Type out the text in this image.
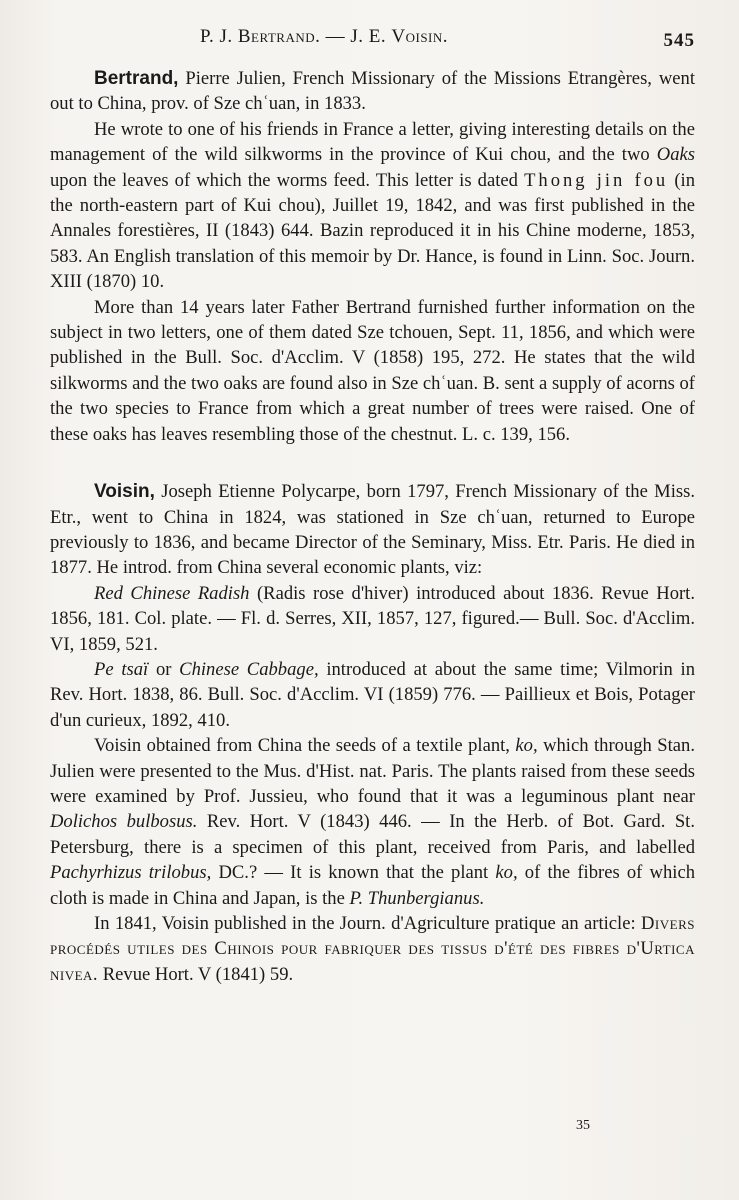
P. J. Bertrand. — J. E. Voisin.	545

Bertrand, Pierre Julien, French Missionary of the Missions Etrangères, went out to China, prov. of Sze chʿuan, in 1833.

He wrote to one of his friends in France a letter, giving interesting details on the management of the wild silkworms in the province of Kui chou, and the two Oaks upon the leaves of which the worms feed. This letter is dated Thong jin fou (in the north-eastern part of Kui chou), Juillet 19, 1842, and was first published in the Annales forestières, II (1843) 644. Bazin reproduced it in his Chine moderne, 1853, 583. An English translation of this memoir by Dr. Hance, is found in Linn. Soc. Journ. XIII (1870) 10.

More than 14 years later Father Bertrand furnished further information on the subject in two letters, one of them dated Sze tchouen, Sept. 11, 1856, and which were published in the Bull. Soc. d'Acclim. V (1858) 195, 272. He states that the wild silkworms and the two oaks are found also in Sze chʿuan. B. sent a supply of acorns of the two species to France from which a great number of trees were raised. One of these oaks has leaves resembling those of the chestnut. L. c. 139, 156.

Voisin, Joseph Etienne Polycarpe, born 1797, French Missionary of the Miss. Etr., went to China in 1824, was stationed in Sze chʿuan, returned to Europe previously to 1836, and became Director of the Seminary, Miss. Etr. Paris. He died in 1877. He introd. from China several economic plants, viz:

Red Chinese Radish (Radis rose d'hiver) introduced about 1836. Revue Hort. 1856, 181. Col. plate. — Fl. d. Serres, XII, 1857, 127, figured.— Bull. Soc. d'Acclim. VI, 1859, 521.

Pe tsaï or Chinese Cabbage, introduced at about the same time; Vilmorin in Rev. Hort. 1838, 86. Bull. Soc. d'Acclim. VI (1859) 776. — Paillieux et Bois, Potager d'un curieux, 1892, 410.

Voisin obtained from China the seeds of a textile plant, ko, which through Stan. Julien were presented to the Mus. d'Hist. nat. Paris. The plants raised from these seeds were examined by Prof. Jussieu, who found that it was a leguminous plant near Dolichos bulbosus. Rev. Hort. V (1843) 446. — In the Herb. of Bot. Gard. St. Petersburg, there is a specimen of this plant, received from Paris, and labelled Pachyrhizus trilobus, DC.? — It is known that the plant ko, of the fibres of which cloth is made in China and Japan, is the P. Thunbergianus.

In 1841, Voisin published in the Journ. d'Agriculture pratique an article: Divers procédés utiles des Chinois pour fabriquer des tissus d'été des fibres d'Urtica nivea. Revue Hort. V (1841) 59.

35
